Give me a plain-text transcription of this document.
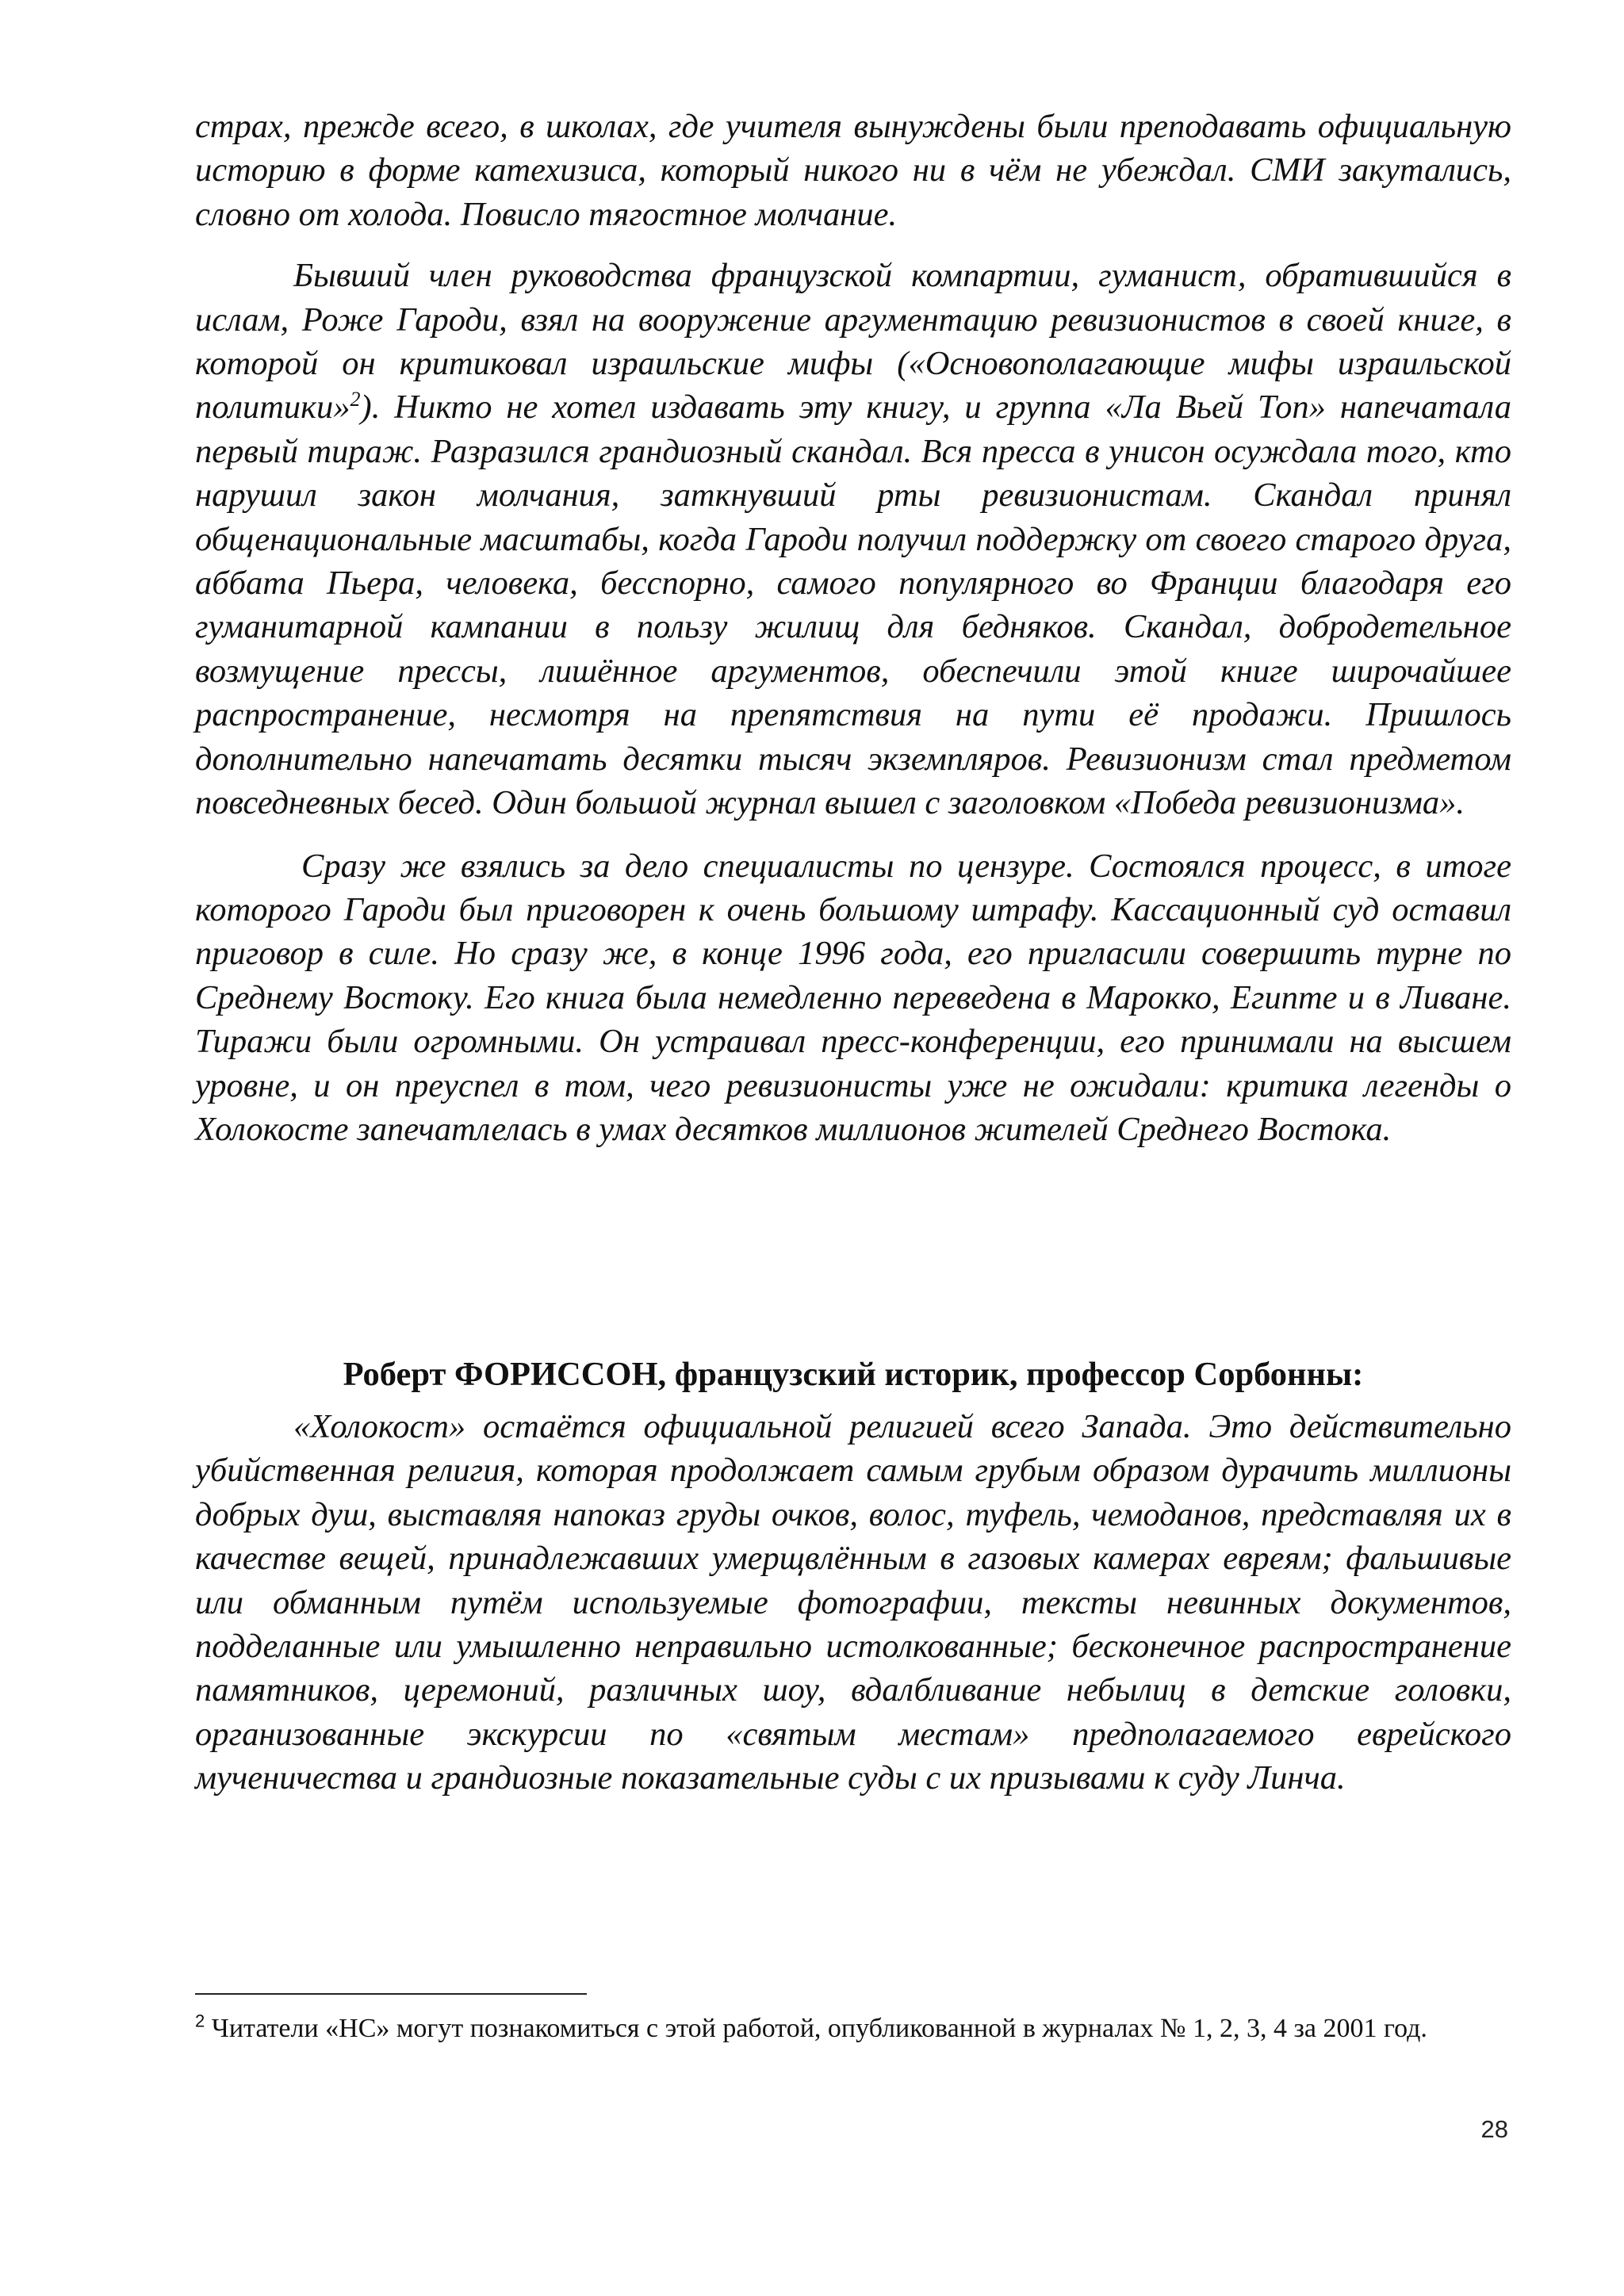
страх, прежде всего, в школах, где учителя вынуждены были преподавать официальную историю в форме катехизиса, который никого ни в чём не убеждал. СМИ закутались, словно от холода. Повисло тягостное молчание.

Бывший член руководства французской компартии, гуманист, обратившийся в ислам, Роже Гароди, взял на вооружение аргументацию ревизионистов в своей книге, в которой он критиковал израильские мифы («Основополагающие мифы израильской политики»$^2$). Никто не хотел издавать эту книгу, и группа «Ла Вьей Топ» напечатала первый тираж. Разразился грандиозный скандал. Вся пресса в унисон осуждала того, кто нарушил закон молчания, заткнувший рты ревизионистам. Скандал принял общенациональные масштабы, когда Гароди получил поддержку от своего старого друга, аббата Пьера, человека, бесспорно, самого популярного во Франции благодаря его гуманитарной кампании в пользу жилищ для бедняков. Скандал, добродетельное возмущение прессы, лишённое аргументов, обеспечили этой книге широчайшее распространение, несмотря на препятствия на пути её продажи. Пришлось дополнительно напечатать десятки тысяч экземпляров. Ревизионизм стал предметом повседневных бесед. Один большой журнал вышел с заголовком «Победа ревизионизма».

Сразу же взялись за дело специалисты по цензуре. Состоялся процесс, в итоге которого Гароди был приговорен к очень большому штрафу. Кассационный суд оставил приговор в силе. Но сразу же, в конце 1996 года, его пригласили совершить турне по Среднему Востоку. Его книга была немедленно переведена в Марокко, Египте и в Ливане. Тиражи были огромными. Он устраивал пресс-конференции, его принимали на высшем уровне, и он преуспел в том, чего ревизионисты уже не ожидали: критика легенды о Холокосте запечатлелась в умах десятков миллионов жителей Среднего Востока.

Роберт ФОРИССОН, французский историк, профессор Сорбонны:

«Холокост» остаётся официальной религией всего Запада. Это действительно убийственная религия, которая продолжает самым грубым образом дурачить миллионы добрых душ, выставляя напоказ груды очков, волос, туфель, чемоданов, представляя их в качестве вещей, принадлежавших умерщвлённым в газовых камерах евреям; фальшивые или обманным путём используемые фотографии, тексты невинных документов, подделанные или умышленно неправильно истолкованные; бесконечное распространение памятников, церемоний, различных шоу, вдалбливание небылиц в детские головки, организованные экскурсии по «святым местам» предполагаемого еврейского мученичества и грандиозные показательные суды с их призывами к суду Линча.

$^2$ Читатели «НС» могут познакомиться с этой работой, опубликованной в журналах № 1, 2, 3, 4 за 2001 год.

28
